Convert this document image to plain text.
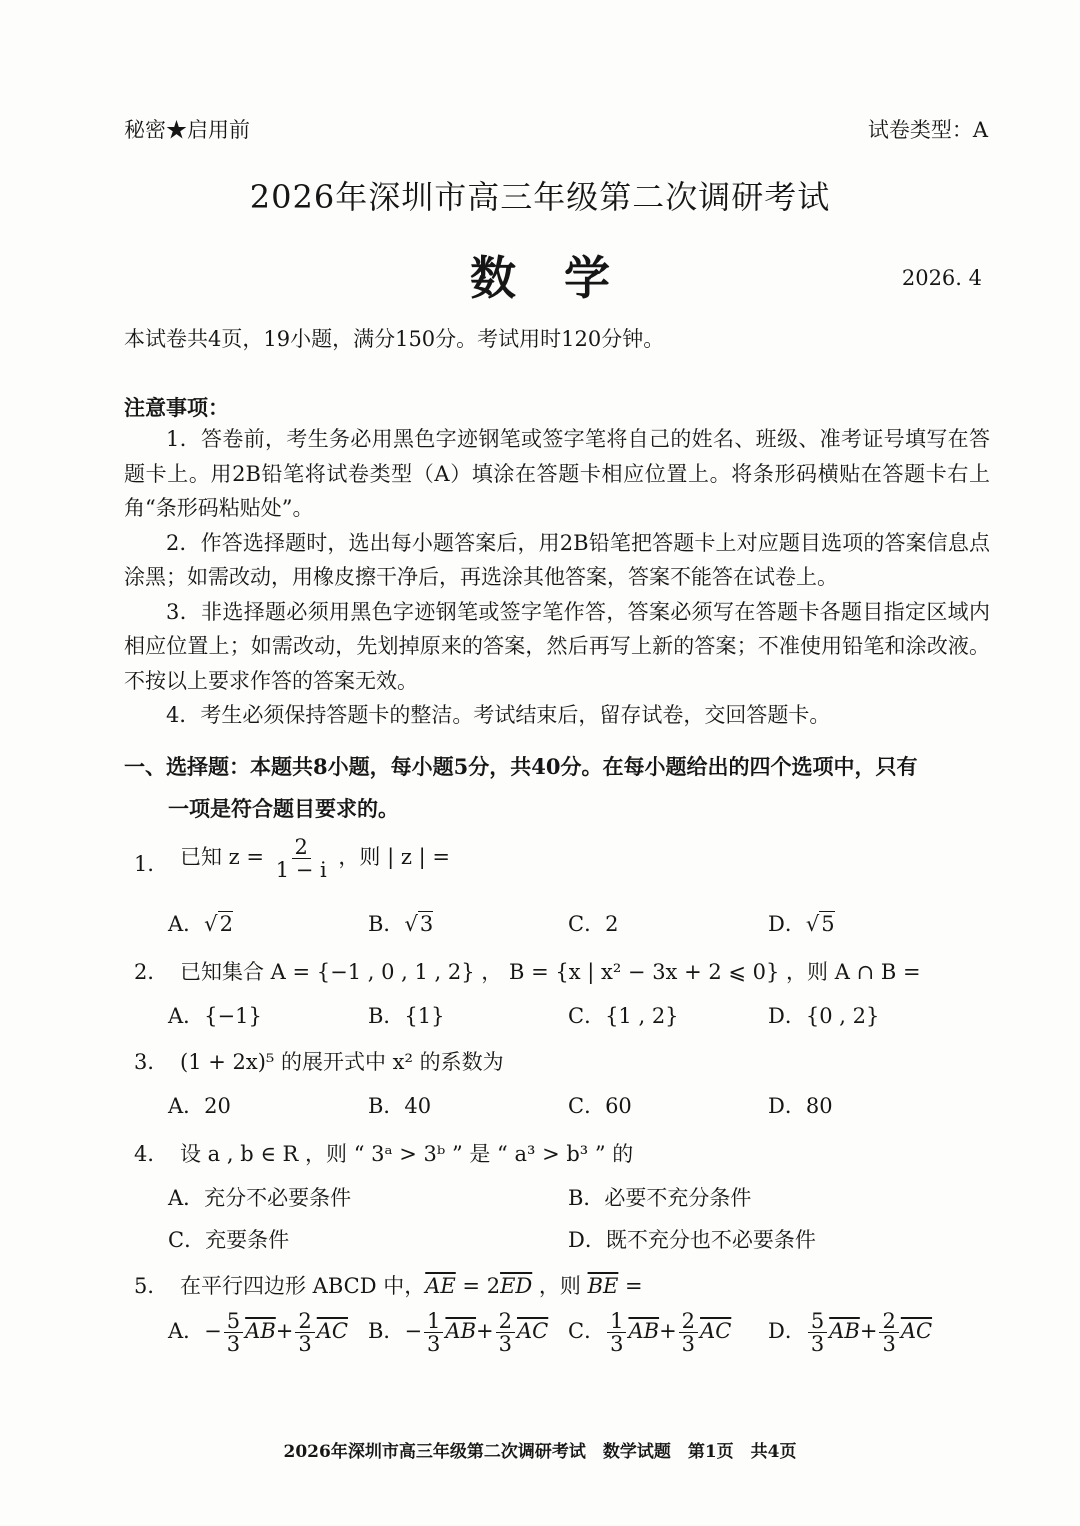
秘密★启用前	试卷类型：A
2026年深圳市高三年级第二次调研考试
数学	2026. 4
本试卷共4页，19小题，满分150分。考试用时120分钟。
注意事项：

1．答卷前，考生务必用黑色字迹钢笔或签字笔将自己的姓名、班级、准考证号填写在答题卡上。用2B铅笔将试卷类型（A）填涂在答题卡相应位置上。将条形码横贴在答题卡右上角“条形码粘贴处”。

2．作答选择题时，选出每小题答案后，用2B铅笔把答题卡上对应题目选项的答案信息点涂黑；如需改动，用橡皮擦干净后，再选涂其他答案，答案不能答在试卷上。

3．非选择题必须用黑色字迹钢笔或签字笔作答，答案必须写在答题卡各题目指定区域内相应位置上；如需改动，先划掉原来的答案，然后再写上新的答案；不准使用铅笔和涂改液。不按以上要求作答的答案无效。

4．考生必须保持答题卡的整洁。考试结束后，留存试卷，交回答题卡。

一、选择题：本题共8小题，每小题5分，共40分。在每小题给出的四个选项中，只有
一项是符合题目要求的。
1． 已知 $z = \frac{2}{1 - i}$ ，则 | z | =
A．√2	B．√3	C．2	D．√5
2． 已知集合 A = {−1 , 0 , 1 , 2} ， B = {x | x² − 3x + 2 ⩽ 0} ，则 A ∩ B =
A．{−1}	B．{1}	C．{1 , 2}	D．{0 , 2}
3． (1 + 2x)⁵ 的展开式中 x² 的系数为
A．20	B．40	C．60	D．80
4． 设 a , b ∈ R ，则 “ 3ᵃ > 3ᵇ ” 是 “ a³ > b³ ” 的
A．充分不必要条件	B．必要不充分条件
C．充要条件	D．既不充分也不必要条件
5． 在平行四边形 ABCD 中，$\overline{AE} = 2\overline{ED}$ ，则 $\overline{BE}$ =
A．− $\frac{5}{3} \overline{AB}+ \frac{2}{3} \overline{AC}$ B．− $\frac{1}{3} \overline{AB}+ \frac{2}{3} \overline{AC}$ C． $\frac{1}{3} \overline{AB}+ \frac{2}{3} \overline{AC}$ D． $\frac{5}{3} \overline{AB}+ \frac{2}{3} \overline{AC}$
2026年深圳市高三年级第二次调研考试　数学试题　第1页　共4页
